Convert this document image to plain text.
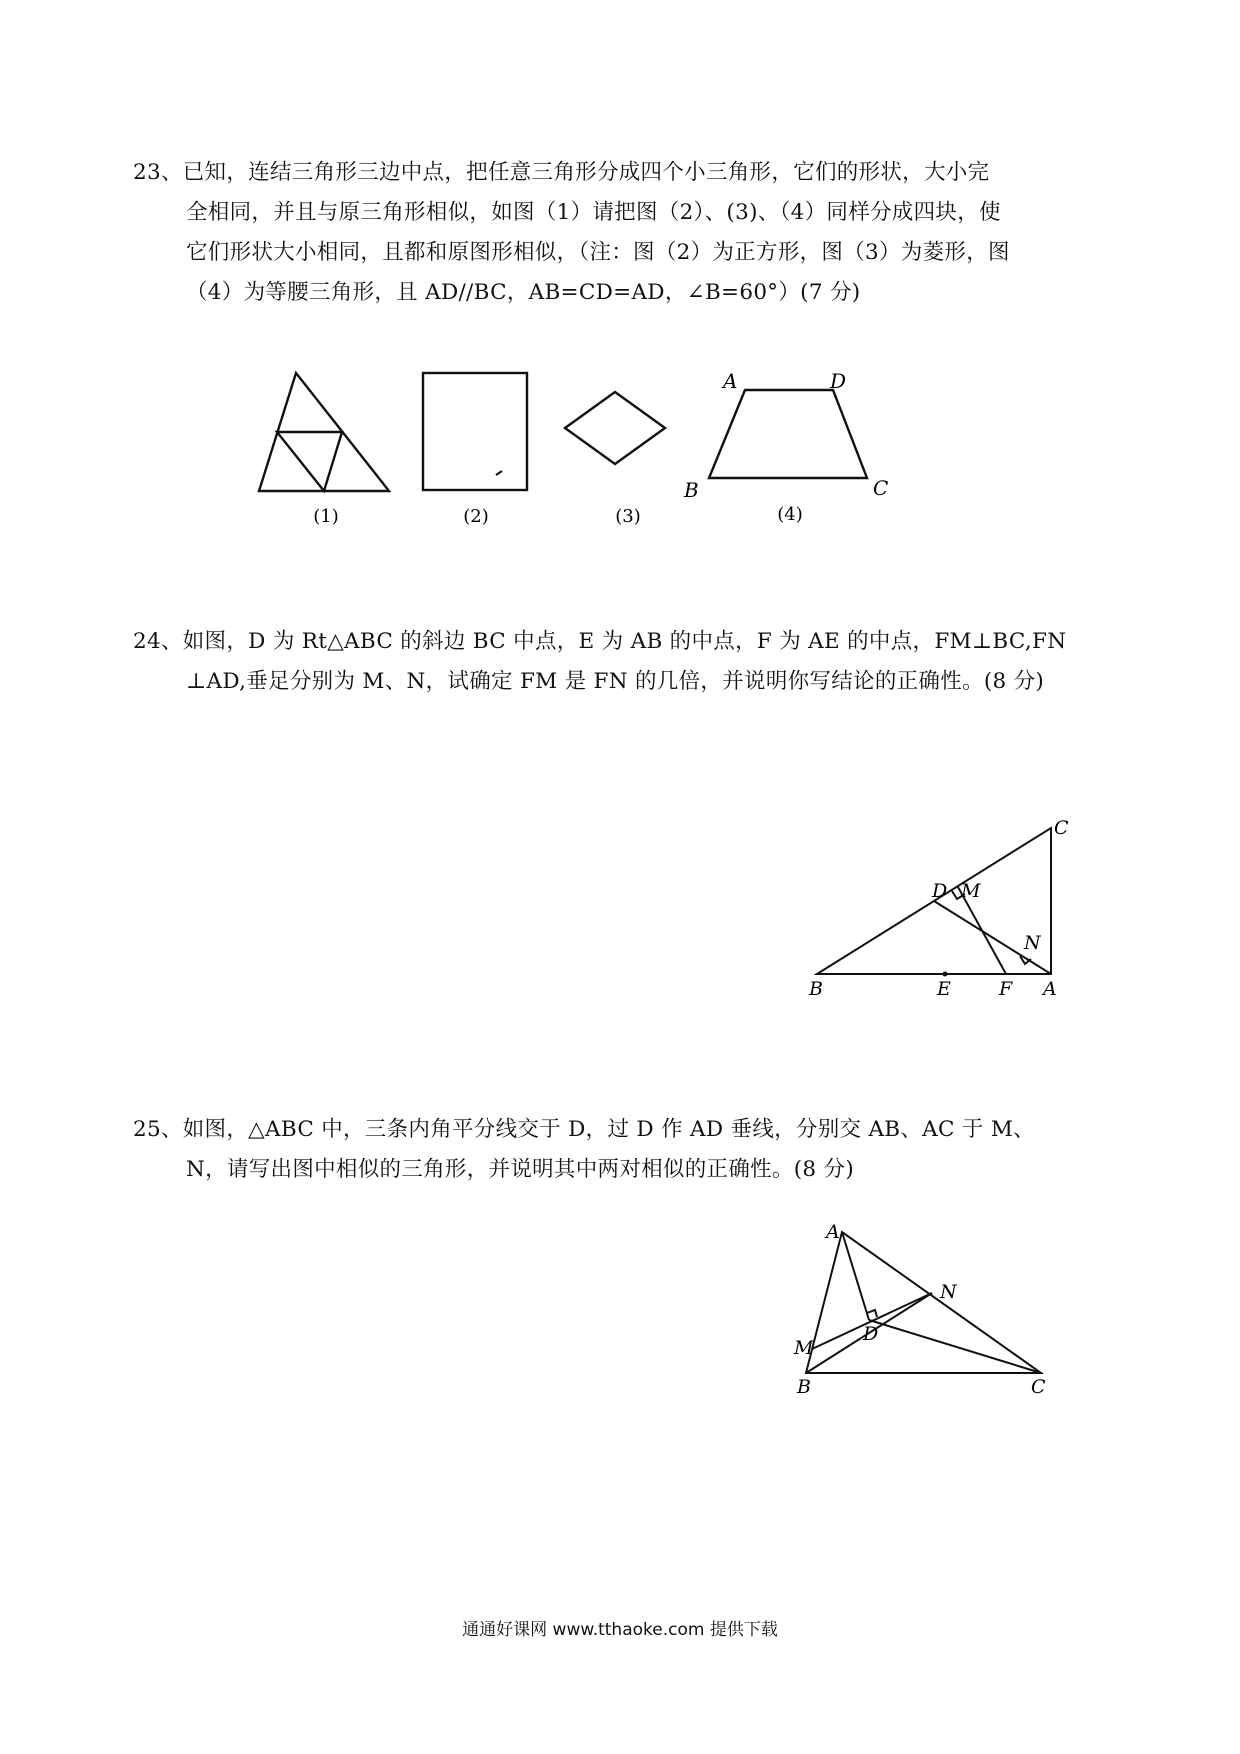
23、已知，连结三角形三边中点，把任意三角形分成四个小三角形，它们的形状，大小完
全相同，并且与原三角形相似，如图（1）请把图（2）、(3)、（4）同样分成四块，使
它们形状大小相同，且都和原图形相似，（注：图（2）为正方形，图（3）为菱形，图
（4）为等腰三角形，且 AD//BC，AB=CD=AD，∠B=60°）(7 分)
(1)	(2)	(3)	(4)
A	D
B	C
24、如图，D 为 Rt△ABC 的斜边 BC 中点，E 为 AB 的中点，F 为 AE 的中点，FM⊥BC,FN
⊥AD,垂足分别为 M、N，试确定 FM 是 FN 的几倍，并说明你写结论的正确性。(8 分)
C
D M
N
B	E	F A
A
N
M
D
B	C
25、如图，△ABC 中，三条内角平分线交于 D，过 D 作 AD 垂线，分别交 AB、AC 于 M、
N，请写出图中相似的三角形，并说明其中两对相似的正确性。(8 分)
通通好课网 www.tthaoke.com 提供下载
